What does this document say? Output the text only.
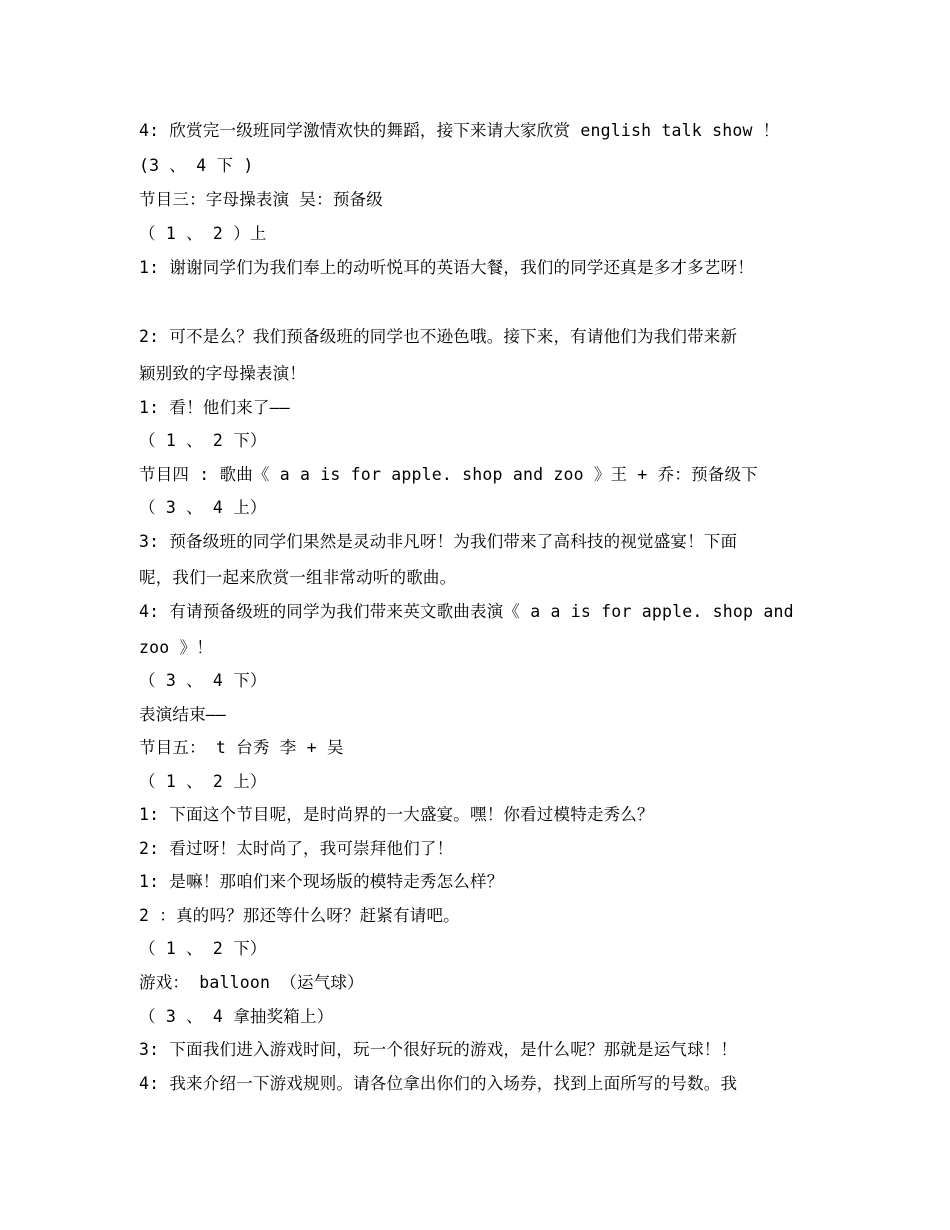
4: 欣赏完一级班同学激情欢快的舞蹈，接下来请大家欣赏 english talk show ！
(3 、 4 下 )
节目三：字母操表演 吴：预备级
（ 1 、 2 ）上
1: 谢谢同学们为我们奉上的动听悦耳的英语大餐，我们的同学还真是多才多艺呀！
2: 可不是么？我们预备级班的同学也不逊色哦。接下来，有请他们为我们带来新
颖别致的字母操表演！
1: 看！他们来了——
（ 1 、 2 下）
节目四 : 歌曲《 a a is for apple. shop and zoo 》王 + 乔：预备级下
（ 3 、 4 上）
3: 预备级班的同学们果然是灵动非凡呀！为我们带来了高科技的视觉盛宴！下面
呢，我们一起来欣赏一组非常动听的歌曲。
4: 有请预备级班的同学为我们带来英文歌曲表演《 a a is for apple. shop and
zoo 》！
（ 3 、 4 下）
表演结束——
节目五： t 台秀 李 + 吴
（ 1 、 2 上）
1: 下面这个节目呢，是时尚界的一大盛宴。嘿！你看过模特走秀么？
2: 看过呀！太时尚了，我可崇拜他们了！
1: 是嘛！那咱们来个现场版的模特走秀怎么样？
2 ：真的吗？那还等什么呀？赶紧有请吧。
（ 1 、 2 下）
游戏： balloon （运气球）
（ 3 、 4 拿抽奖箱上）
3: 下面我们进入游戏时间，玩一个很好玩的游戏，是什么呢？那就是运气球！！
4: 我来介绍一下游戏规则。请各位拿出你们的入场券，找到上面所写的号数。我
